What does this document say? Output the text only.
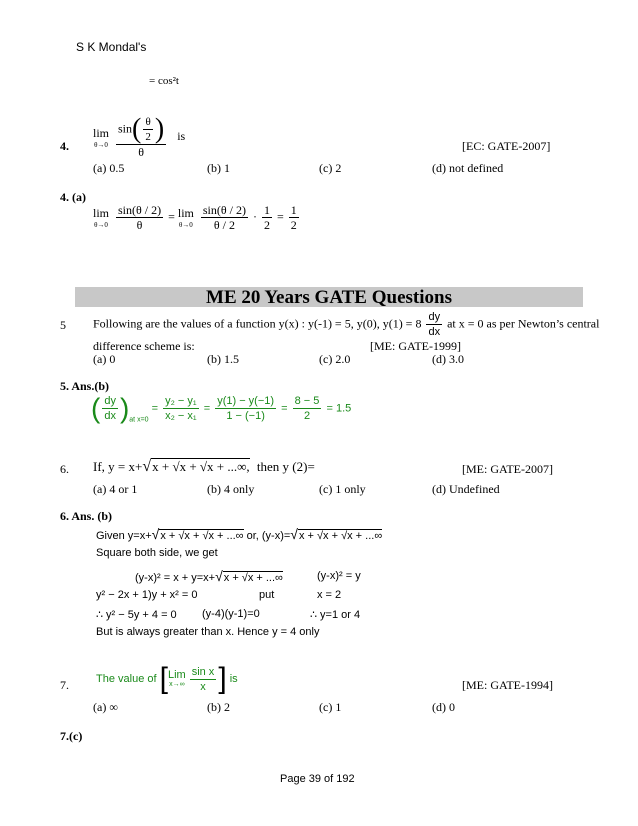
S K Mondal's
= cos²t
4.
lim
θ→0
$\frac{\sin( \frac{\theta}{2} )}{\theta}$ is
[EC: GATE-2007]
(a) 0.5	(b) 1	(c) 2	(d) not defined
4. (a)
lim
θ→0
$\frac{\sin(\theta / 2)}{\theta} = \lim$
θ→0
$\frac{\sin(\theta / 2)}{\theta / 2} \cdot \frac{1}{2} = \frac{1}{2}$
ME 20 Years GATE Questions
5 Following are the values of a function y(x) : y(-1) = 5, y(0), $y(1) = 8 \frac{dy}{dx}$ at x = 0 as per Newton’s central
difference scheme is:	[ME: GATE-1999]
(a) 0	(b) 1.5	(c) 2.0	(d) 3.0
5. Ans.(b)
( $\frac{dy}{dx} )_{at x=0} = \frac{\text{y₂ − y₁}}{\text{x₂ − x₁}} = \frac{y(1) - y(-1)}{1 - (-1)} = \frac{8 - 5}{2} = 1.5$
6. If, y = x+√x + √x + √x + ...∞, then y (2)=	[ME: GATE-2007]
(a) 4 or 1	(b) 4 only	(c) 1 only	(d) Undefined
6. Ans. (b)
Given y=x+√x + √x + √x + ...∞ or, (y-x)=√x + √x + √x + ...∞
Square both side, we get
(y-x)² = x + y=x+√x + √x + ...∞	(y-x)² = y
y² − 2x + 1)y + x² = 0	put	x = 2
∴ y² − 5y + 4 = 0 (y-4)(y-1)=0	∴ y=1 or 4
But is always greater than x. Hence y = 4 only
7. The value of [ Lim
$x\to\infty \frac{\text{sin x}}{x}$ ] is	[ME: GATE-1994]
(a) ∞	(b) 2	(c) 1	(d) 0
7.(c)
Page 39 of 192
